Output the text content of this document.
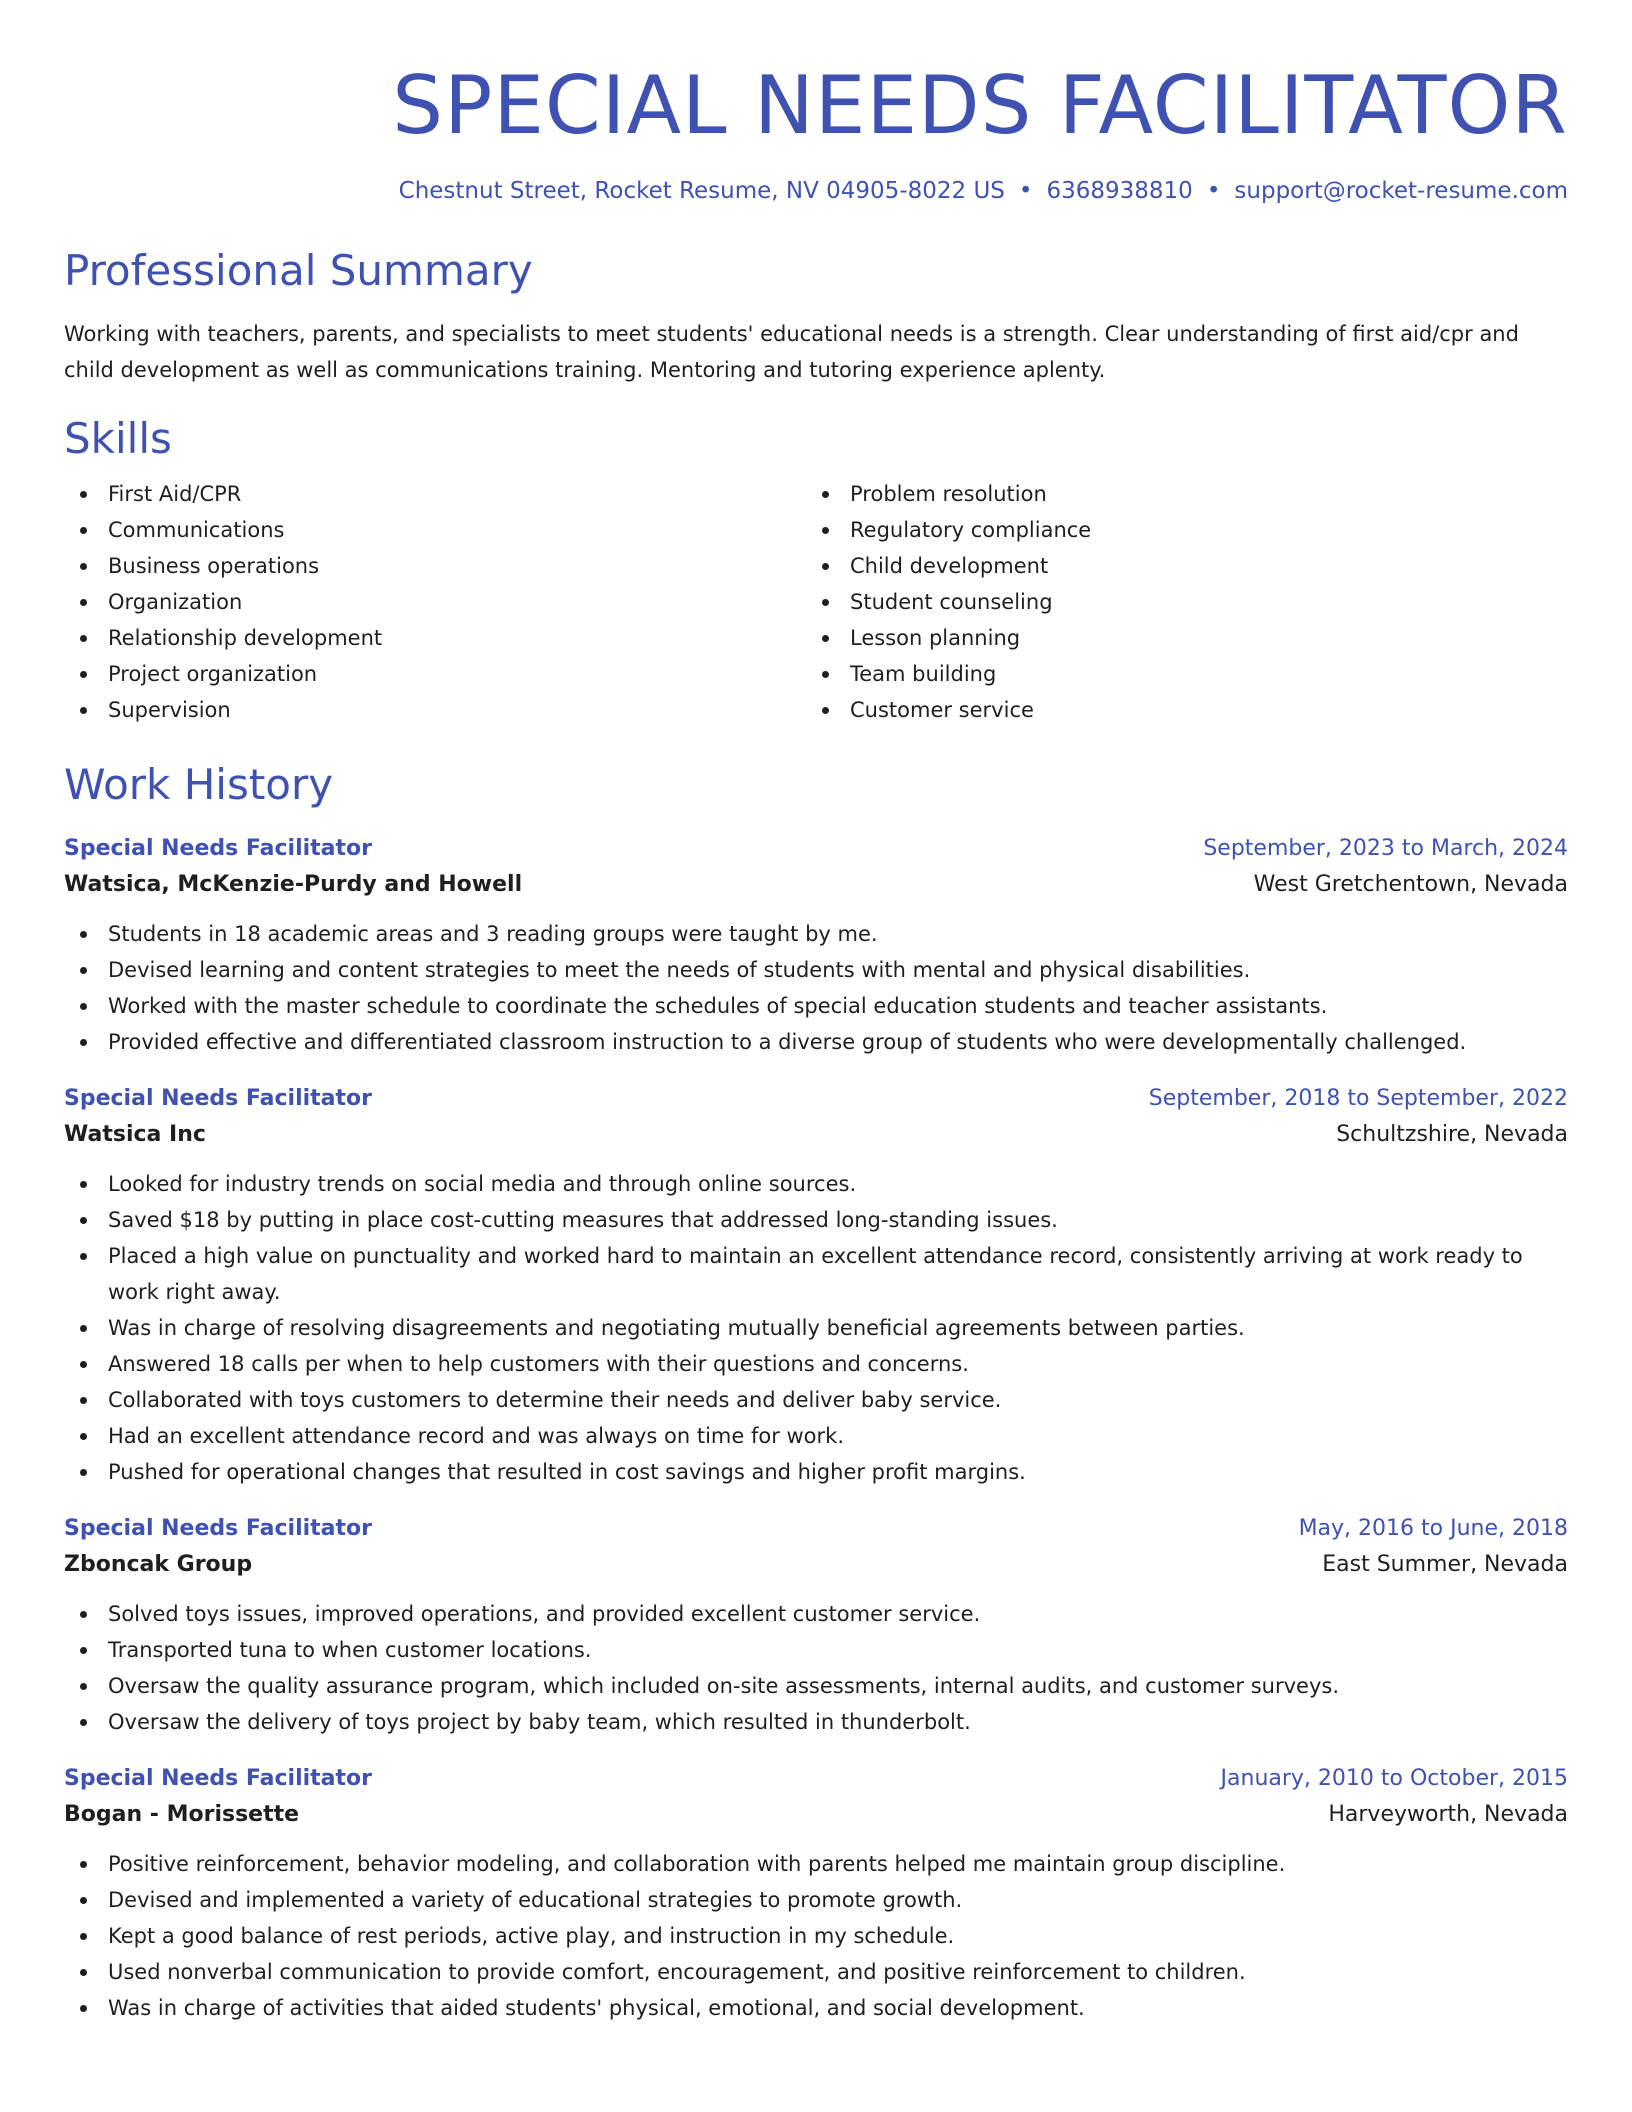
SPECIAL NEEDS FACILITATOR
Chestnut Street, Rocket Resume, NV 04905-8022 US • 6368938810 • support@rocket-resume.com
Professional Summary
Working with teachers, parents, and specialists to meet students' educational needs is a strength. Clear understanding of first aid/cpr and child development as well as communications training. Mentoring and tutoring experience aplenty.
Skills
First Aid/CPR
Communications
Business operations
Organization
Relationship development
Project organization
Supervision
Problem resolution
Regulatory compliance
Child development
Student counseling
Lesson planning
Team building
Customer service
Work History
Special Needs Facilitator	September, 2023 to March, 2024
Watsica, McKenzie-Purdy and Howell	West Gretchentown, Nevada
Students in 18 academic areas and 3 reading groups were taught by me.
Devised learning and content strategies to meet the needs of students with mental and physical disabilities.
Worked with the master schedule to coordinate the schedules of special education students and teacher assistants.
Provided effective and differentiated classroom instruction to a diverse group of students who were developmentally challenged.
Special Needs Facilitator	September, 2018 to September, 2022
Watsica Inc	Schultzshire, Nevada
Looked for industry trends on social media and through online sources.
Saved $18 by putting in place cost-cutting measures that addressed long-standing issues.
Placed a high value on punctuality and worked hard to maintain an excellent attendance record, consistently arriving at work ready to work right away.
Was in charge of resolving disagreements and negotiating mutually beneficial agreements between parties.
Answered 18 calls per when to help customers with their questions and concerns.
Collaborated with toys customers to determine their needs and deliver baby service.
Had an excellent attendance record and was always on time for work.
Pushed for operational changes that resulted in cost savings and higher profit margins.
Special Needs Facilitator	May, 2016 to June, 2018
Zboncak Group	East Summer, Nevada
Solved toys issues, improved operations, and provided excellent customer service.
Transported tuna to when customer locations.
Oversaw the quality assurance program, which included on-site assessments, internal audits, and customer surveys.
Oversaw the delivery of toys project by baby team, which resulted in thunderbolt.
Special Needs Facilitator	January, 2010 to October, 2015
Bogan - Morissette	Harveyworth, Nevada
Positive reinforcement, behavior modeling, and collaboration with parents helped me maintain group discipline.
Devised and implemented a variety of educational strategies to promote growth.
Kept a good balance of rest periods, active play, and instruction in my schedule.
Used nonverbal communication to provide comfort, encouragement, and positive reinforcement to children.
Was in charge of activities that aided students' physical, emotional, and social development.
